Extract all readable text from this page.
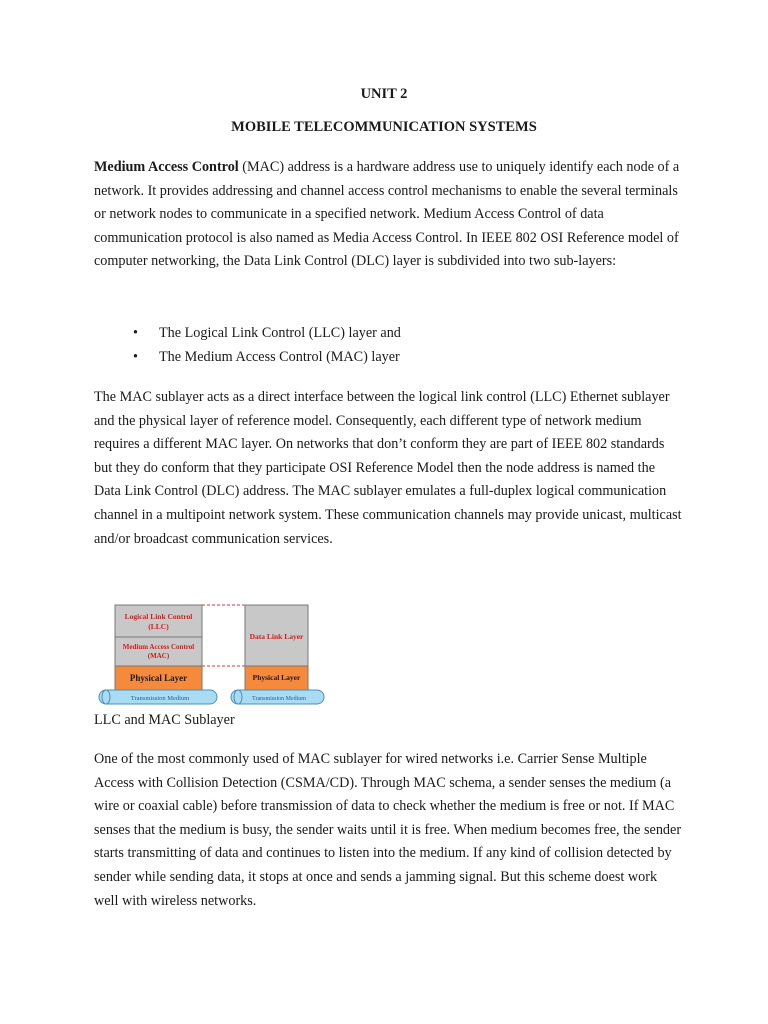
UNIT 2
MOBILE TELECOMMUNICATION SYSTEMS

Medium Access Control (MAC) address is a hardware address use to uniquely identify each node of a network. It provides addressing and channel access control mechanisms to enable the several terminals or network nodes to communicate in a specified network. Medium Access Control of data communication protocol is also named as Media Access Control. In IEEE 802 OSI Reference model of computer networking, the Data Link Control (DLC) layer is subdivided into two sub-layers:

• The Logical Link Control (LLC) layer and
• The Medium Access Control (MAC) layer

The MAC sublayer acts as a direct interface between the logical link control (LLC) Ethernet sublayer and the physical layer of reference model. Consequently, each different type of network medium requires a different MAC layer. On networks that don’t conform they are part of IEEE 802 standards but they do conform that they participate OSI Reference Model then the node address is named the Data Link Control (DLC) address. The MAC sublayer emulates a full-duplex logical communication channel in a multipoint network system. These communication channels may provide unicast, multicast and/or broadcast communication services.

Logical Link Control
(LLC)
Medium Access Control
(MAC)
Physical Layer
Transmission Medium
Data Link Layer
Physical Layer
Transmission Medium
LLC and MAC Sublayer

One of the most commonly used of MAC sublayer for wired networks i.e. Carrier Sense Multiple Access with Collision Detection (CSMA/CD). Through MAC schema, a sender senses the medium (a wire or coaxial cable) before transmission of data to check whether the medium is free or not. If MAC senses that the medium is busy, the sender waits until it is free. When medium becomes free, the sender starts transmitting of data and continues to listen into the medium. If any kind of collision detected by sender while sending data, it stops at once and sends a jamming signal. But this scheme doest work well with wireless networks.
